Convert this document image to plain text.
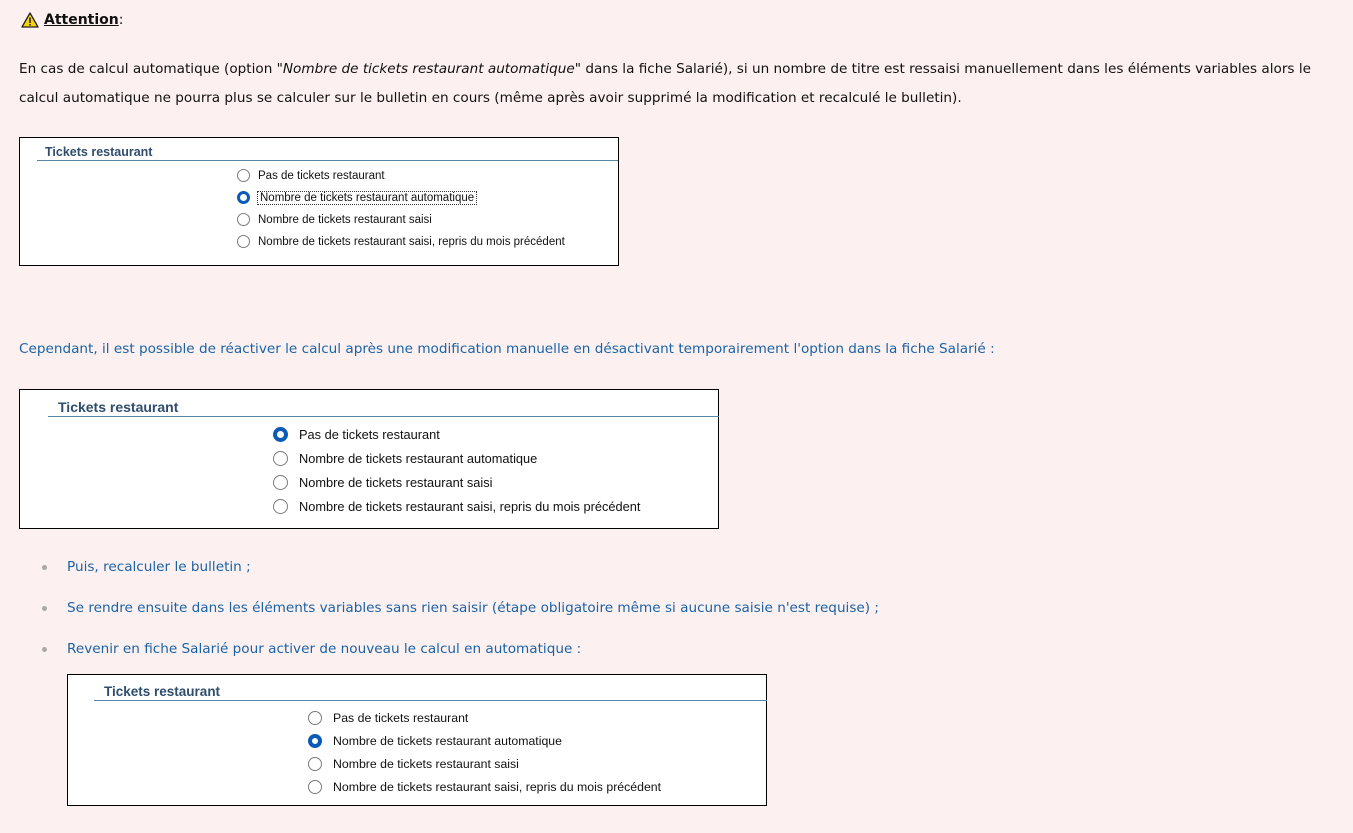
Attention :

En cas de calcul automatique (option "Nombre de tickets restaurant automatique" dans la fiche Salarié), si un nombre de titre est ressaisi manuellement dans les éléments variables alors le calcul automatique ne pourra plus se calculer sur le bulletin en cours (même après avoir supprimé la modification et recalculé le bulletin).

Tickets restaurant
Pas de tickets restaurant
Nombre de tickets restaurant automatique
Nombre de tickets restaurant saisi
Nombre de tickets restaurant saisi, repris du mois précédent

Cependant, il est possible de réactiver le calcul après une modification manuelle en désactivant temporairement l'option dans la fiche Salarié :

Tickets restaurant
Pas de tickets restaurant
Nombre de tickets restaurant automatique
Nombre de tickets restaurant saisi
Nombre de tickets restaurant saisi, repris du mois précédent
Puis, recalculer le bulletin ;
Se rendre ensuite dans les éléments variables sans rien saisir (étape obligatoire même si aucune saisie n'est requise) ;
Revenir en fiche Salarié pour activer de nouveau le calcul en automatique :
Tickets restaurant
Pas de tickets restaurant
Nombre de tickets restaurant automatique
Nombre de tickets restaurant saisi
Nombre de tickets restaurant saisi, repris du mois précédent
